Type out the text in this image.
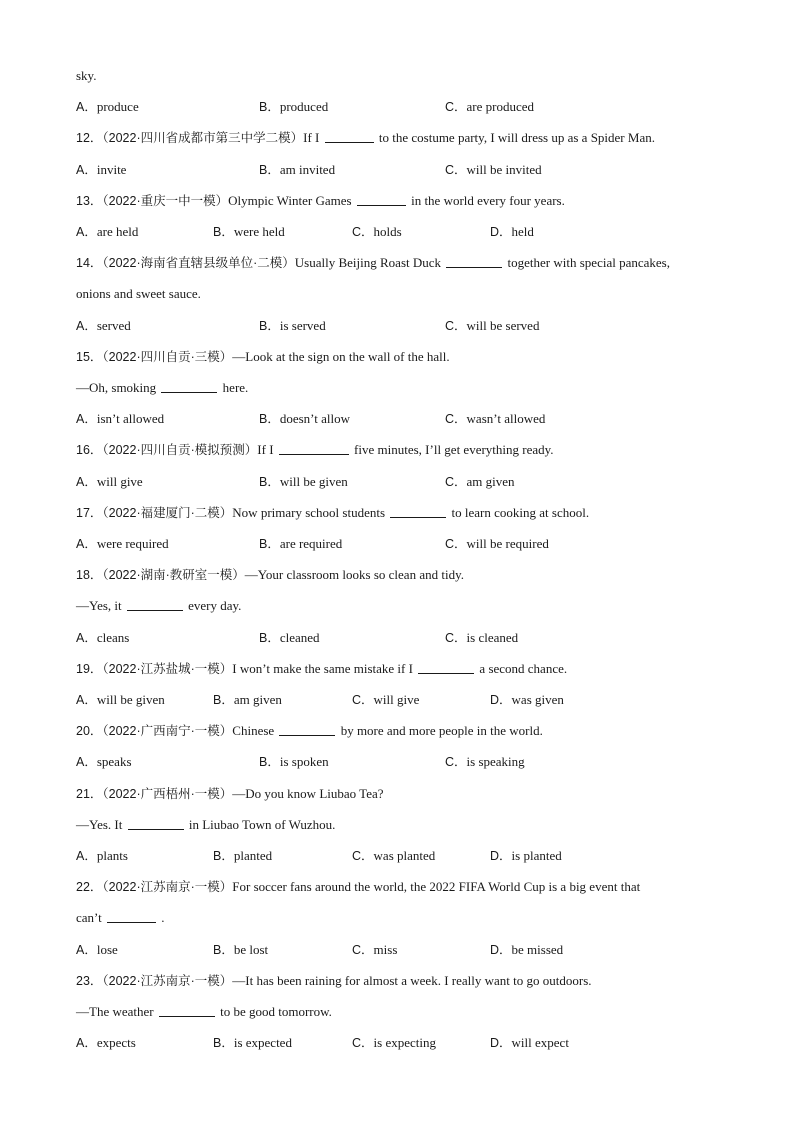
sky.
A．produce	B．produced	C．are produced
12．（2022·四川省成都市第三中学二模）If I	to the costume party, I will dress up as a Spider Man.
A．invite	B．am invited	C．will be invited
13．（2022·重庆一中一模）Olympic Winter Games	in the world every four years.
A．are held	B．were held	C．holds	D．held
14．（2022·海南省直辖县级单位·二模）Usually Beijing Roast Duck	together with special pancakes,
onions and sweet sauce.
A．served	B．is served	C．will be served
15．（2022·四川自贡·三模）—Look at the sign on the wall of the hall.
—Oh, smoking	here.
A．isn’t allowed	B．doesn’t allow	C．wasn’t allowed
16．（2022·四川自贡·模拟预测）If I	five minutes, I’ll get everything ready.
A．will give	B．will be given	C．am given
17．（2022·福建厦门·二模）Now primary school students	to learn cooking at school.
A．were required	B．are required	C．will be required
18．（2022·湖南·教研室一模）—Your classroom looks so clean and tidy.
—Yes, it	every day.
A．cleans	B．cleaned	C．is cleaned
19．（2022·江苏盐城·一模）I won’t make the same mistake if I	a second chance.
A．will be given	B．am given	C．will give	D．was given
20．（2022·广西南宁·一模）Chinese	by more and more people in the world.
A．speaks	B．is spoken	C．is speaking
21．（2022·广西梧州·一模）—Do you know Liubao Tea?
—Yes. It	in Liubao Town of Wuzhou.
A．plants	B．planted	C．was planted	D．is planted
22．（2022·江苏南京·一模）For soccer fans around the world, the 2022 FIFA World Cup is a big event that
can’t	.
A．lose	B．be lost	C．miss	D．be missed
23．（2022·江苏南京·一模）—It has been raining for almost a week. I really want to go outdoors.
—The weather	to be good tomorrow.
A．expects	B．is expected	C．is expecting	D．will expect
